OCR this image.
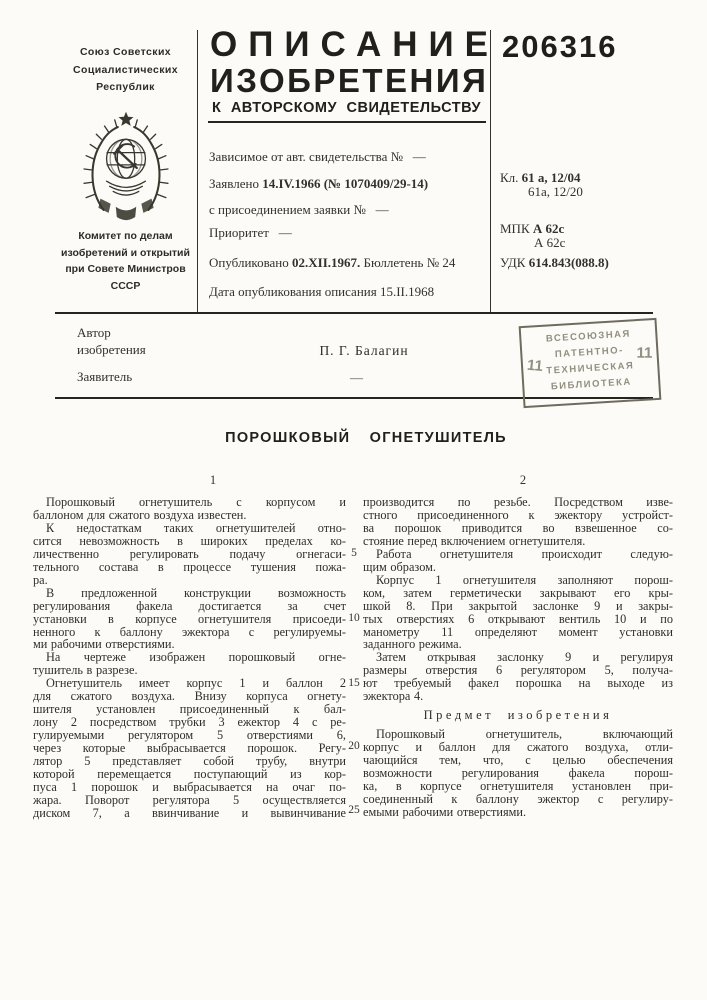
Союз Советских
Социалистических
Республик
Комитет по делам
изобретений и открытий
при Совете Министров
СССР
ОПИСАНИЕ
ИЗОБРЕТЕНИЯ
К АВТОРСКОМУ СВИДЕТЕЛЬСТВУ
206316
Зависимое от авт. свидетельства № —
Заявлено 14.IV.1966 (№ 1070409/29-14)
с присоединением заявки № —
Приоритет —
Опубликовано 02.XII.1967. Бюллетень № 24
Дата опубликования описания 15.II.1968
Кл. 61 a, 12/04
61a, 12/20
МПК А 62c
А 62c
УДК 614.843(088.8)
Автор
изобретения	П. Г. Балагин
Заявитель	—
ВСЕСОЮЗНАЯ
ПАТЕНТНО-
ТЕХНИЧЕСКАЯ
БИБЛИОТЕКА
11
11
ПОРОШКОВЫЙ ОГНЕТУШИТЕЛЬ
1	2
Порошковый огнетушитель с корпусом и
баллоном для сжатого воздуха известен.
К недостаткам таких огнетушителей отно-
сится невозможность в широких пределах ко-
личественно регулировать подачу огнегаси-
тельного состава в процессе тушения пожа-
ра.
В предложенной конструкции возможность
регулирования факела достигается за счет
установки в корпусе огнетушителя присоеди-
ненного к баллону эжектора с регулируемы-
ми рабочими отверстиями.
На чертеже изображен порошковый огне-
тушитель в разрезе.
Огнетушитель имеет корпус 1 и баллон 2
для сжатого воздуха. Внизу корпуса огнету-
шителя установлен присоединенный к бал-
лону 2 посредством трубки 3 ежектор 4 с ре-
гулируемыми регулятором 5 отверстиями 6,
через которые выбрасывается порошок. Регу-
лятор 5 представляет собой трубу, внутри
которой перемещается поступающий из кор-
пуса 1 порошок и выбрасывается на очаг по-
жара. Поворот регулятора 5 осуществляется
диском 7, а ввинчивание и вывинчивание
производится по резьбе. Посредством изве-
стного присоединенного к эжектору устройст-
ва порошок приводится во взвешенное со-
стояние перед включением огнетушителя.
Работа огнетушителя происходит следую-
щим образом.
Корпус 1 огнетушителя заполняют порош-
ком, затем герметически закрывают его кры-
шкой 8. При закрытой заслонке 9 и закры-
тых отверстиях 6 открывают вентиль 10 и по
манометру 11 определяют момент установки
заданного режима.
Затем открывая заслонку 9 и регулируя
размеры отверстия 6 регулятором 5, получа-
ют требуемый факел порошка на выходе из
эжектора 4.
Предмет изобретения
Порошковый огнетушитель, включающий
корпус и баллон для сжатого воздуха, отли-
чающийся тем, что, с целью обеспечения
возможности регулирования факела порош-
ка, в корпусе огнетушителя установлен при-
соединенный к баллону эжектор с регулиру-
емыми рабочими отверстиями.
5
10
15
20
25
